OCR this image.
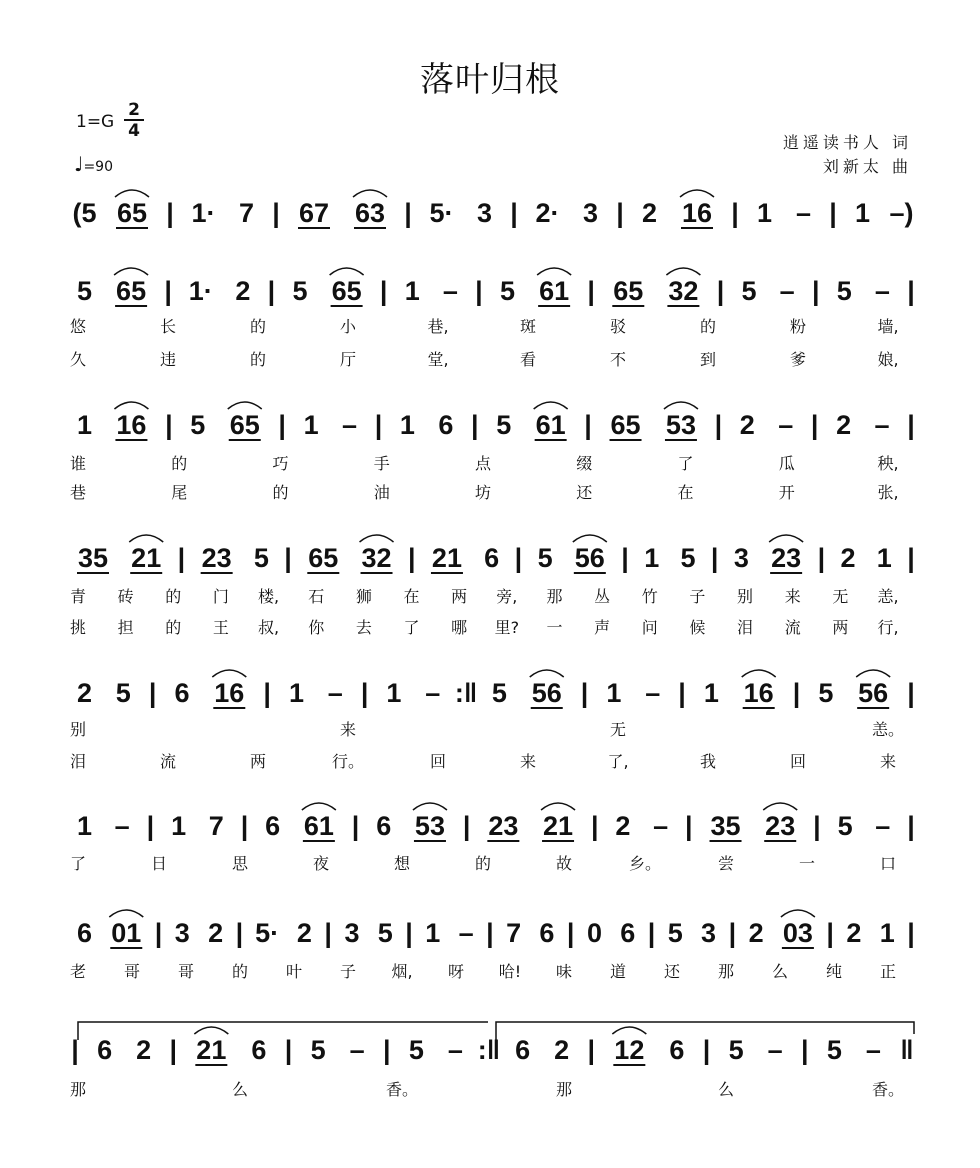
落叶归根
1=G
2
4
♩=90
逍遥读书人 词
刘新太 曲
(5 65 | 1· 7 | 67 63 | 5· 3 | 2· 3 | 2 16 | 1 – | 1 –)
5 65 | 1· 2 | 5 65 | 1 – | 5 61 | 65 32 | 5 – | 5 – |
悠	长	的	小	巷,	斑	驳	的	粉	墙,
久	违	的	厅	堂,	看	不	到	爹	娘,
1 16 | 5 65 | 1 – | 1 6 | 5 61 | 65 53 | 2 – | 2 – |
谁	的	巧	手	点	缀	了	瓜	秧,
巷	尾	的	油	坊	还	在	开	张,
35 21 | 23 5 | 65 32 | 21 6 | 5 56 | 1 5 | 3 23 | 2 1 |
青 砖 的 门 楼, 石 狮 在 两 旁, 那 丛 竹 子 别 来 无 恙,
挑 担 的 王 叔, 你 去 了 哪 里? 一 声 问 候 泪 流 两 行,
2 5 | 6 16 | 1 – | 1 – :‖ 5 56 | 1 – | 1 16 | 5 56 |
别	来	无	恙。
泪	流	两	行。	回	来	了,	我	回	来
1 – | 1 7 | 6 61 | 6 53 | 23 21 | 2 – | 35 23 | 5 – |
了	日	思	夜	想	的	故	乡。	尝	一	口
6 01 | 3 2 | 5· 2 | 3 5 | 1 – | 7 6 | 0 6 | 5 3 | 2 03 | 2 1 |
老 哥 哥 的 叶 子 烟, 呀 哈! 味 道 还 那 么 纯 正
| 6 2 | 21 6 | 5 – | 5 – :‖ 6 2 | 12 6 | 5 – | 5 – ‖
那	么	香。	那	么	香。
